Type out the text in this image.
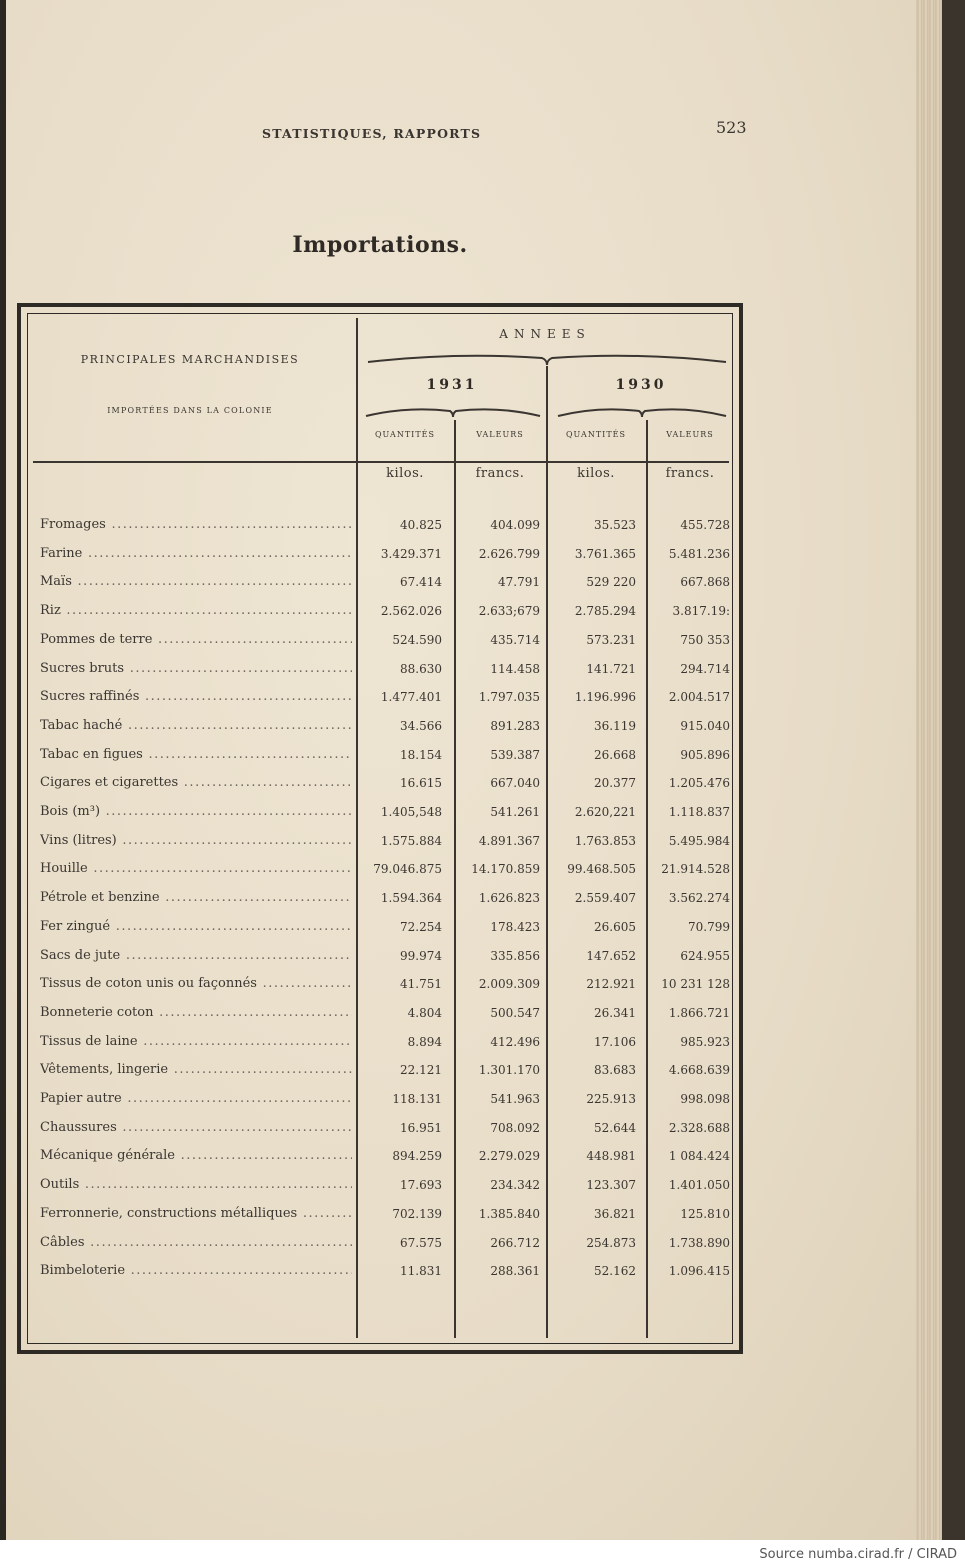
STATISTIQUES, RAPPORTS	523
Importations.
PRINCIPALES MARCHANDISES
IMPORTÉES DANS LA COLONIE
ANNEES
1931	1930
QUANTITÉS	VALEURS	QUANTITÉS	VALEURS
kilos.	francs.	kilos.	francs.
Fromages .....	40.825	404.099	35.523	455.728
Farine .....	3.429.371	2.626.799	3.761.365	5.481.236
Maïs .....	67.414	47.791	529 220	667.868
Riz .....	2.562.026	2.633;679	2.785.294	3.817.19:
Pommes de terre .....	524.590	435.714	573.231	750 353
Sucres bruts .....	88.630	114.458	141.721	294.714
Sucres raffinés .....	1.477.401	1.797.035	1.196.996	2.004.517
Tabac haché .....	34.566	891.283	36.119	915.040
Tabac en figues .....	18.154	539.387	26.668	905.896
Cigares et cigarettes .....	16.615	667.040	20.377	1.205.476
Bois (m³) .....	1.405,548	541.261	2.620,221	1.118.837
Vins (litres) .....	1.575.884	4.891.367	1.763.853	5.495.984
Houille .....	79.046.875	14.170.859	99.468.505	21.914.528
Pétrole et benzine .....	1.594.364	1.626.823	2.559.407	3.562.274
Fer zingué .....	72.254	178.423	26.605	70.799
Sacs de jute .....	99.974	335.856	147.652	624.955
Tissus de coton unis ou façonnés .....	41.751	2.009.309	212.921	10 231 128
Bonneterie coton .....	4.804	500.547	26.341	1.866.721
Tissus de laine .....	8.894	412.496	17.106	985.923
Vêtements, lingerie .....	22.121	1.301.170	83.683	4.668.639
Papier autre .....	118.131	541.963	225.913	998.098
Chaussures .....	16.951	708.092	52.644	2.328.688
Mécanique générale .....	894.259	2.279.029	448.981	1 084.424
Outils .....	17.693	234.342	123.307	1.401.050
Ferronnerie, constructions métalliques .....	702.139	1.385.840	36.821	125.810
Câbles .....	67.575	266.712	254.873	1.738.890
Bimbeloterie .....	11.831	288.361	52.162	1.096.415
Source numba.cirad.fr / CIRAD
